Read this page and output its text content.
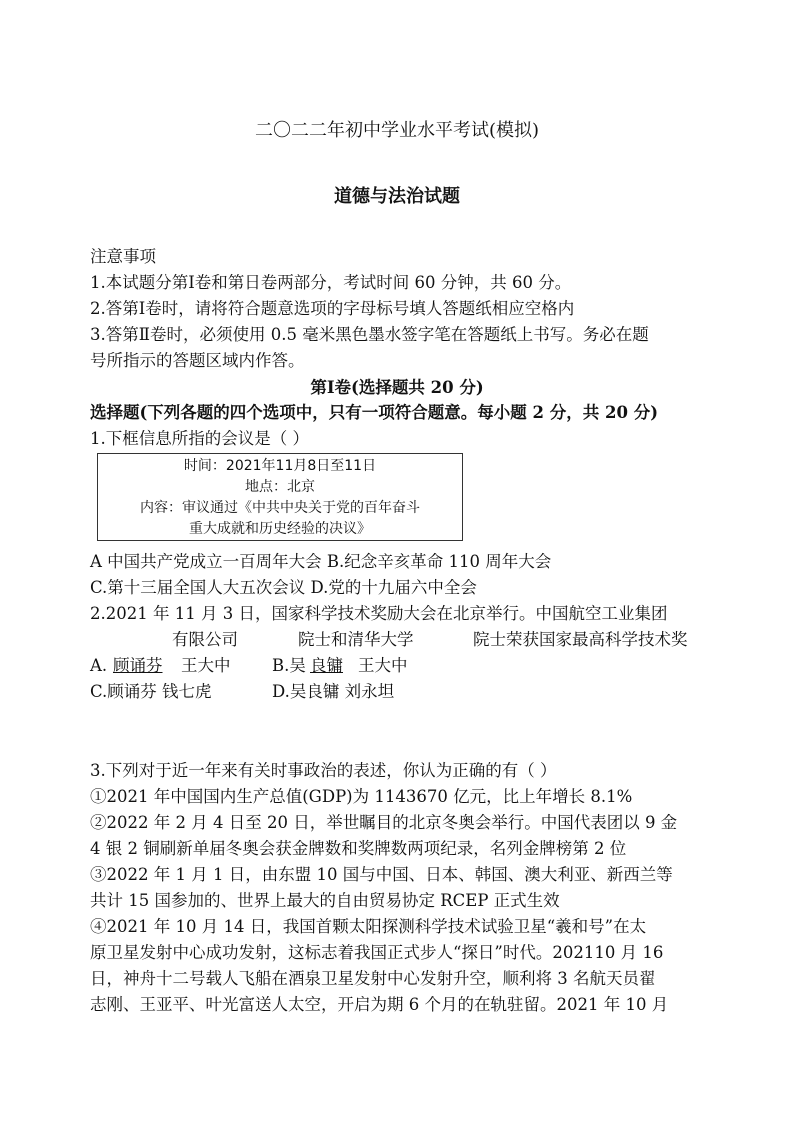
二〇二二年初中学业水平考试(模拟)
道德与法治试题
注意事项
1.本试题分第Ⅰ卷和第日卷两部分，考试时间 60 分钟，共 60 分。
2.答第Ⅰ卷时，请将符合题意选项的字母标号填人答题纸相应空格内
3.答第Ⅱ卷时，必须使用 0.5 毫米黑色墨水签字笔在答题纸上书写。务必在题
号所指示的答题区域内作答。
第Ⅰ卷(选择题共 20 分)
选择题(下列各题的四个选项中，只有一项符合题意。每小题 2 分，共 20 分)
1.下框信息所指的会议是（ ）
时间：2021年11月8日至11日
地点：北京
内容：审议通过《中共中央关于党的百年奋斗
重大成就和历史经验的决议》
A 中国共产党成立一百周年大会 B.纪念辛亥革命 110 周年大会
C.第十三届全国人大五次会议 D.党的十九届六中全会
2.2021 年 11 月 3 日，国家科学技术奖励大会在北京举行。中国航空工业集团
有限公司	院士和清华大学	院士荣获国家最高科学技术奖
A. 顾诵芬 王大中	B.吴 良镛 王大中
C.顾诵芬 钱七虎	D.吴良镛 刘永坦
3.下列对于近一年来有关时事政治的表述，你认为正确的有（ ）
①2021 年中国国内生产总值(GDP)为 1143670 亿元，比上年增长 8.1%
②2022 年 2 月 4 日至 20 日，举世瞩目的北京冬奥会举行。中国代表团以 9 金
4 银 2 铜刷新单届冬奥会获金牌数和奖牌数两项纪录，名列金牌榜第 2 位
③2022 年 1 月 1 日，由东盟 10 国与中国、日本、韩国、澳大利亚、新西兰等
共计 15 国参加的、世界上最大的自由贸易协定 RCEP 正式生效
④2021 年 10 月 14 日，我国首颗太阳探测科学技术试验卫星“羲和号”在太
原卫星发射中心成功发射，这标志着我国正式步人“探日”时代。202110 月 16
日，神舟十二号载人飞船在酒泉卫星发射中心发射升空，顺利将 3 名航天员翟
志刚、王亚平、叶光富送人太空，开启为期 6 个月的在轨驻留。2021 年 10 月
